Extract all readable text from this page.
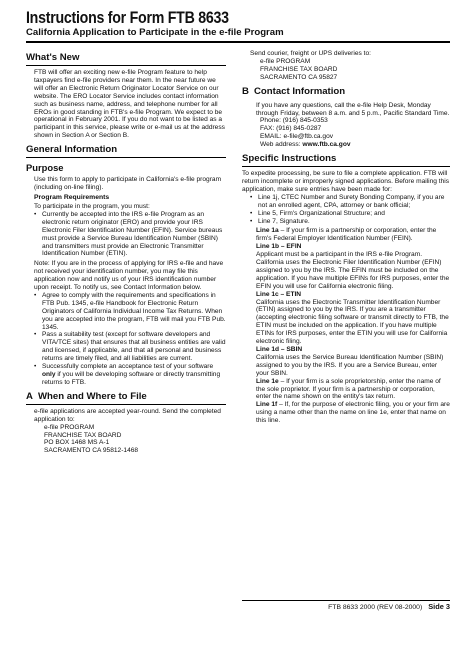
Instructions for Form FTB 8633
California Application to Participate in the e-file Program
What's New

FTB will offer an exciting new e-file Program feature to help taxpayers find e-file providers near them. In the near future we will offer an Electronic Return Originator Locator Service on our website. The ERO Locator Service includes contact information such as business name, address, and telephone number for all EROs in good standing in FTB's e-file Program. We expect to be operational in February 2001. If you do not want to be listed as a participant in this service, please write or e-mail us at the address shown in Section A or Section B.

General Information
Purpose

Use this form to apply to participate in California's e-file program (including on-line filing).

Program Requirements

To participate in the program, you must:

• Currently be accepted into the IRS e-file Program as an electronic return originator (ERO) and provide your IRS Electronic Filer Identification Number (EFIN). Service bureaus must provide a Service Bureau Identification Number (SBIN) and transmitters must provide an Electronic Transmitter Identification Number (ETIN).

Note: If you are in the process of applying for IRS e-file and have not received your identification number, you may file this application now and notify us of your IRS identification number upon receipt. To notify us, see Contact Information below.

• Agree to comply with the requirements and specifications in FTB Pub. 1345, e-file Handbook for Electronic Return Originators of California Individual Income Tax Returns. When you are accepted into the program, FTB will mail you FTB Pub. 1345.
• Pass a suitability test (except for software developers and VITA/TCE sites) that ensures that all business entities are valid and licensed, if applicable, and that all personal and business returns are timely filed, and all liabilities are current.
• Successfully complete an acceptance test of your software only if you will be developing software or directly transmitting returns to FTB.
A When and Where to File

e-file applications are accepted year-round. Send the completed application to:

e-file PROGRAM
FRANCHISE TAX BOARD
PO BOX 1468 MS A-1
SACRAMENTO CA 95812-1468

Send courier, freight or UPS deliveries to:

e-file PROGRAM
FRANCHISE TAX BOARD
SACRAMENTO CA 95827
B Contact Information

If you have any questions, call the e-file Help Desk, Monday through Friday, between 8 a.m. and 5 p.m., Pacific Standard Time.

Phone: (916) 845-0353
FAX: (916) 845-0287
EMAIL: e-file@ftb.ca.gov
Web address: www.ftb.ca.gov
Specific Instructions

To expedite processing, be sure to file a complete application. FTB will return incomplete or improperly signed applications. Before mailing this application, make sure entries have been made for:

• Line 1j, CTEC Number and Surety Bonding Company, if you are not an enrolled agent, CPA, attorney or bank official;
• Line 5, Firm's Organizational Structure; and
• Line 7, Signature.

Line 1a – If your firm is a partnership or corporation, enter the firm's Federal Employer Identification Number (FEIN).

Line 1b – EFIN

Applicant must be a participant in the IRS e-file Program. California uses the Electronic Filer Identification Number (EFIN) assigned to you by the IRS. The EFIN must be included on the application. If you have multiple EFINs for IRS purposes, enter the EFIN you will use for California electronic filing.

Line 1c – ETIN

California uses the Electronic Transmitter Identification Number (ETIN) assigned to you by the IRS. If you are a transmitter (accepting electronic filing software or transmit directly to FTB, the ETIN must be included on the application. If you have multiple ETINs for IRS purposes, enter the ETIN you will use for California electronic filing.

Line 1d – SBIN

California uses the Service Bureau Identification Number (SBIN) assigned to you by the IRS. If you are a Service Bureau, enter your SBIN.

Line 1e – If your firm is a sole proprietorship, enter the name of the sole proprietor. If your firm is a partnership or corporation, enter the name shown on the entity's tax return.

Line 1f – If, for the purpose of electronic filing, you or your firm are using a name other than the name on line 1e, enter that name on this line.

FTB 8633 2000 (REV 08-2000) Side 3
